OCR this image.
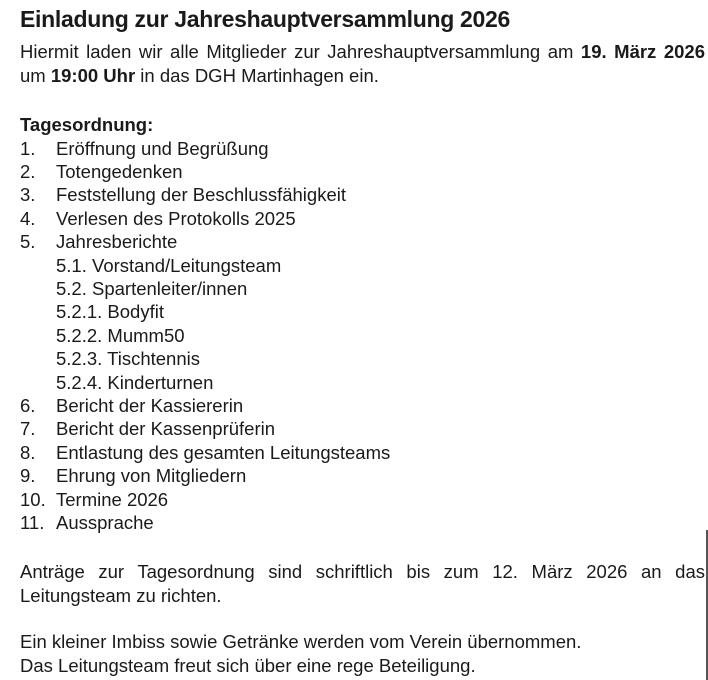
Einladung zur Jahreshauptversammlung 2026
Hiermit laden wir alle Mitglieder zur Jahreshauptversammlung am 19. März 2026 um 19:00 Uhr in das DGH Martinhagen ein.
Tagesordnung:
1.	Eröffnung und Begrüßung
2.	Totengedenken
3.	Feststellung der Beschlussfähigkeit
4.	Verlesen des Protokolls 2025
5.	Jahresberichte
5.1. Vorstand/Leitungsteam
5.2. Spartenleiter/innen
5.2.1. Bodyfit
5.2.2. Mumm50
5.2.3. Tischtennis
5.2.4. Kinderturnen
6.	Bericht der Kassiererin
7.	Bericht der Kassenprüferin
8.	Entlastung des gesamten Leitungsteams
9.	Ehrung von Mitgliedern
10. Termine 2026
11. Aussprache
Anträge zur Tagesordnung sind schriftlich bis zum 12. März 2026 an das Leitungsteam zu richten.
Ein kleiner Imbiss sowie Getränke werden vom Verein übernommen.
Das Leitungsteam freut sich über eine rege Beteiligung.
